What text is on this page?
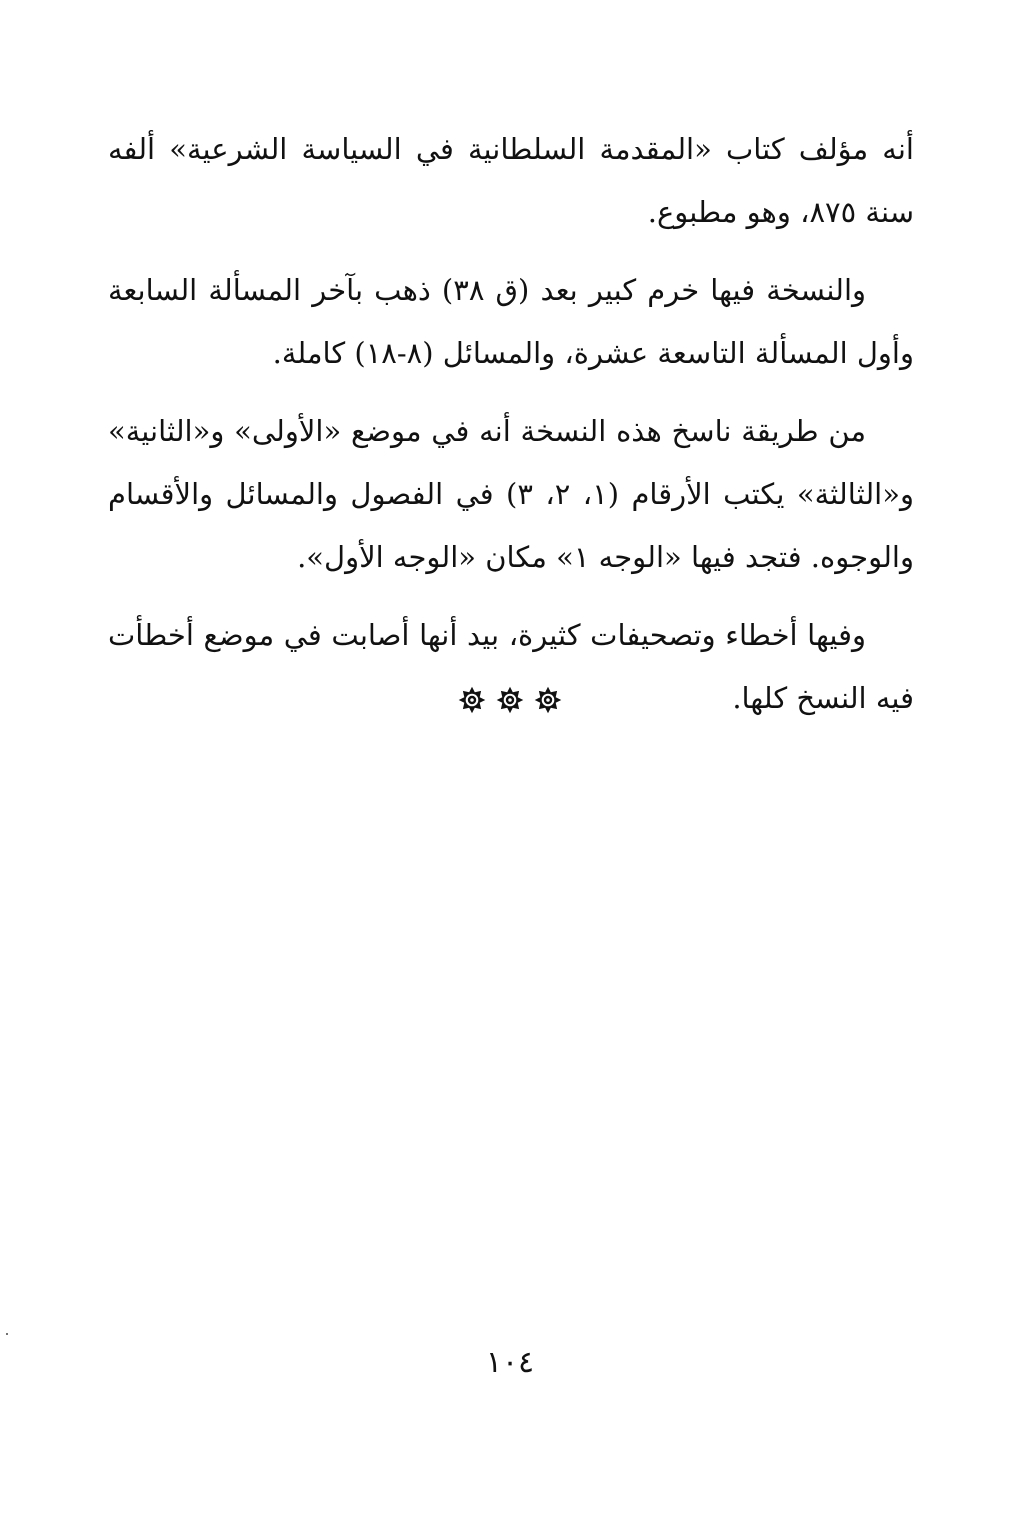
أنه مؤلف كتاب «المقدمة السلطانية في السياسة الشرعية» ألفه سنة ٨٧٥، وهو مطبوع.

والنسخة فيها خرم كبير بعد (ق ٣٨) ذهب بآخر المسألة السابعة وأول المسألة التاسعة عشرة، والمسائل (٨-١٨) كاملة.

من طريقة ناسخ هذه النسخة أنه في موضع «الأولى» و«الثانية» و«الثالثة» يكتب الأرقام (١، ٢، ٣) في الفصول والمسائل والأقسام والوجوه. فتجد فيها «الوجه ١» مكان «الوجه الأول».

وفيها أخطاء وتصحيفات كثيرة، بيد أنها أصابت في موضع أخطأت فيه النسخ كلها.

١٠٤
